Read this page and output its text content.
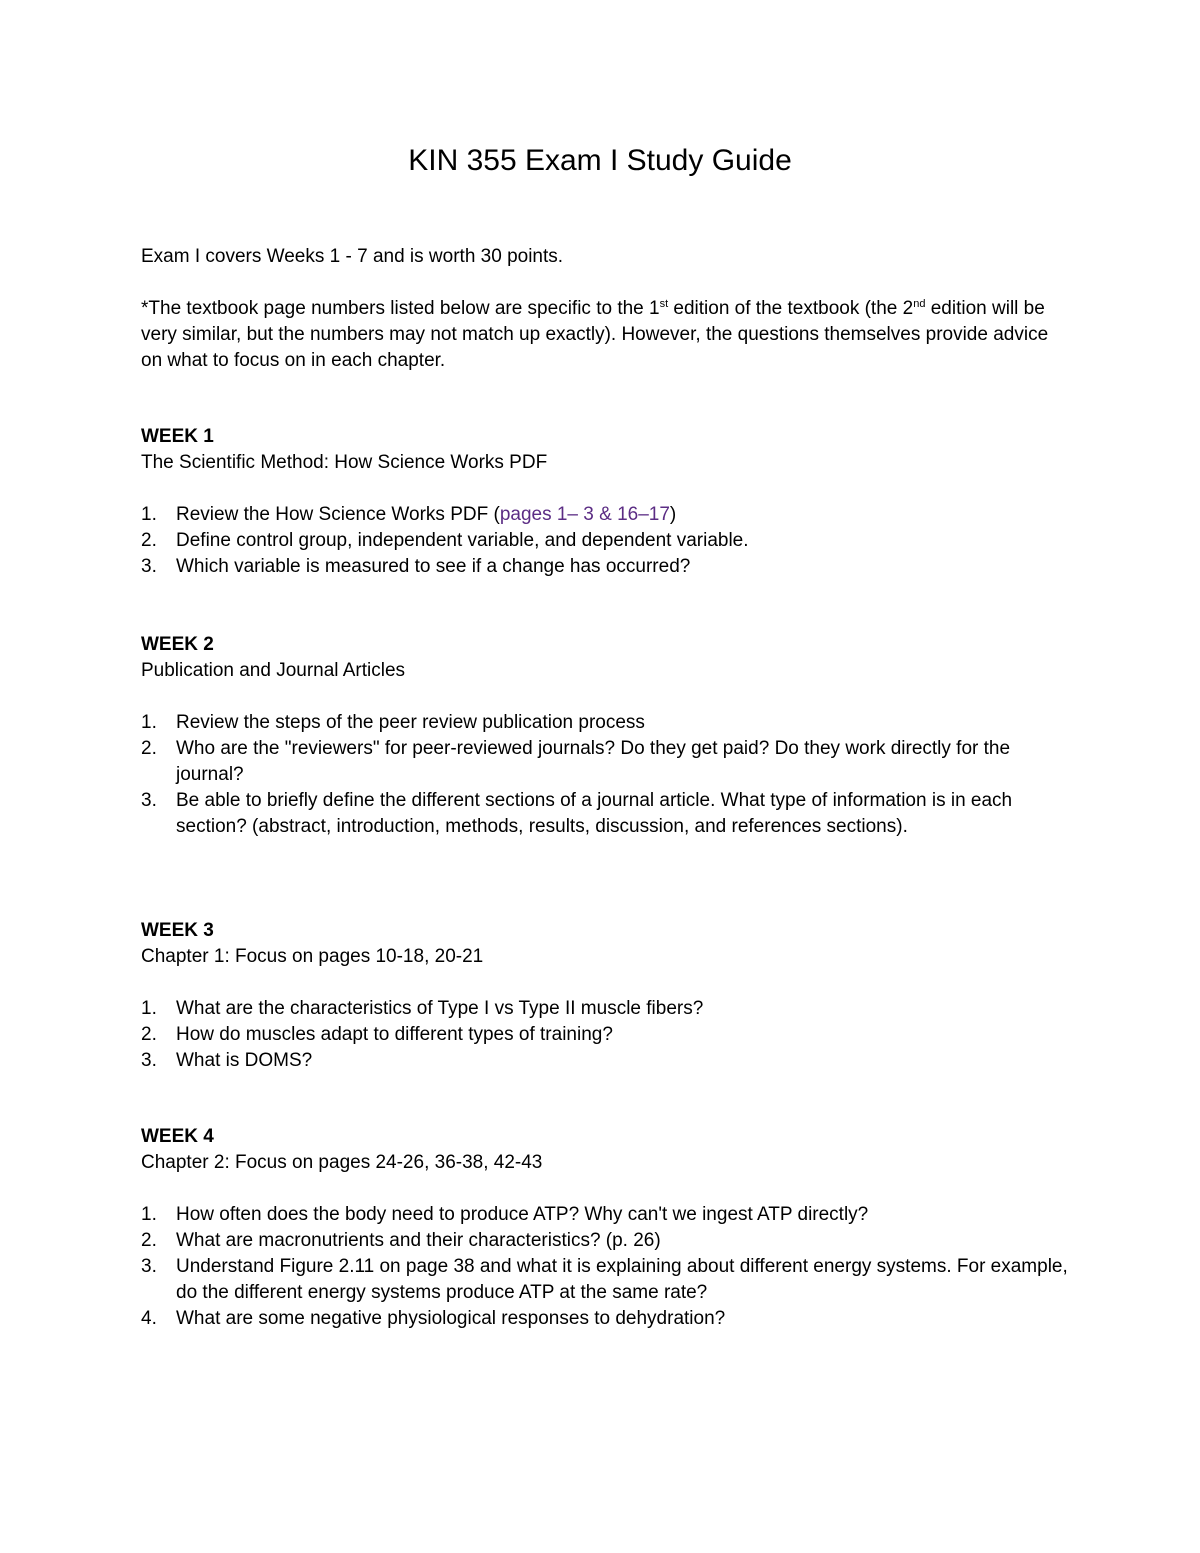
KIN 355 Exam I Study Guide

Exam I covers Weeks 1 - 7 and is worth 30 points.

*The textbook page numbers listed below are specific to the 1st edition of the textbook (the 2nd edition will be very similar, but the numbers may not match up exactly). However, the questions themselves provide advice on what to focus on in each chapter.

WEEK 1

The Scientific Method: How Science Works PDF

1.	Review the How Science Works PDF (pages 1– 3 & 16–17)
2.	Define control group, independent variable, and dependent variable.
3.	Which variable is measured to see if a change has occurred?

WEEK 2

Publication and Journal Articles

1.	Review the steps of the peer review publication process
2.	Who are the "reviewers" for peer-reviewed journals? Do they get paid? Do they work directly for the journal?
3.	Be able to briefly define the different sections of a journal article. What type of information is in each section? (abstract, introduction, methods, results, discussion, and references sections).

WEEK 3

Chapter 1: Focus on pages 10-18, 20-21

1.	What are the characteristics of Type I vs Type II muscle fibers?
2.	How do muscles adapt to different types of training?
3.	What is DOMS?

WEEK 4

Chapter 2: Focus on pages 24-26, 36-38, 42-43

1.	How often does the body need to produce ATP? Why can't we ingest ATP directly?
2.	What are macronutrients and their characteristics? (p. 26)
3.	Understand Figure 2.11 on page 38 and what it is explaining about different energy systems. For example, do the different energy systems produce ATP at the same rate?
4.	What are some negative physiological responses to dehydration?
